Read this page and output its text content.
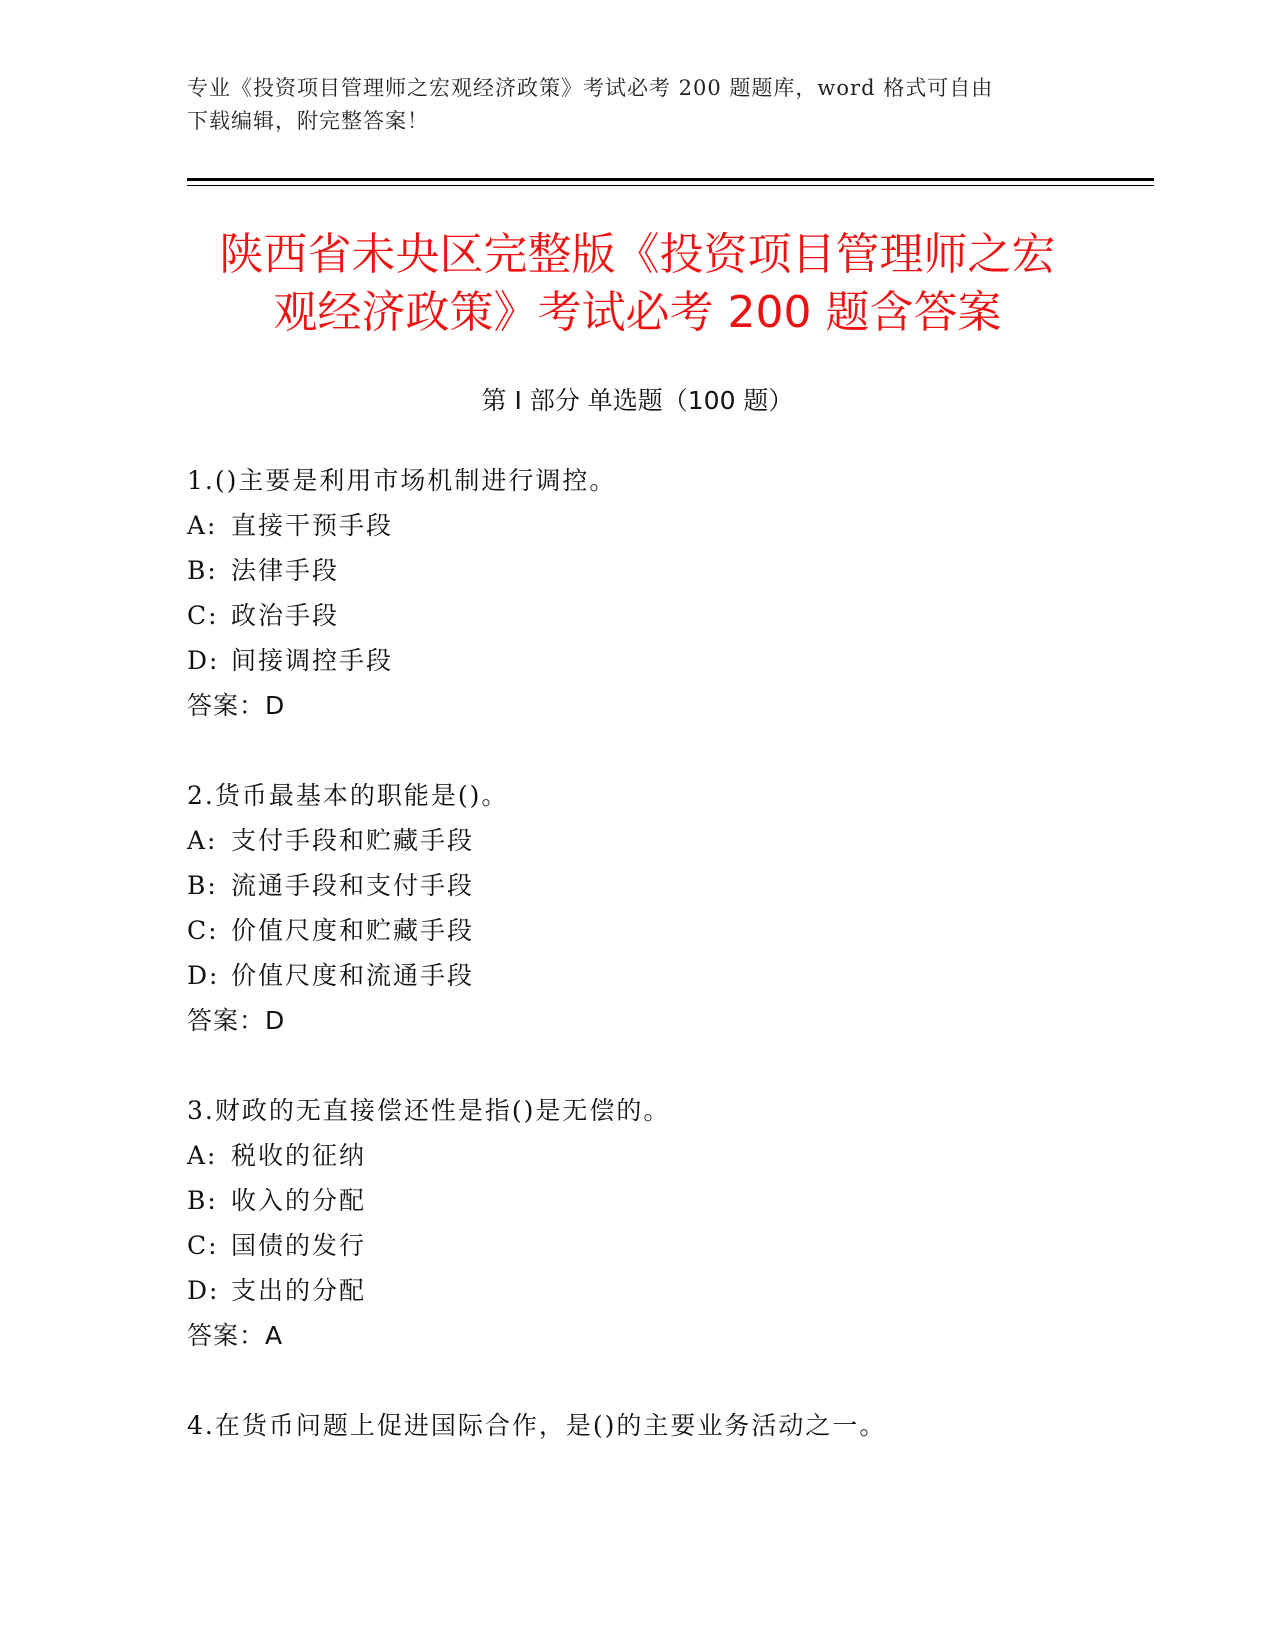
专业《投资项目管理师之宏观经济政策》考试必考 200 题题库，word 格式可自由
下载编辑，附完整答案！
陕西省未央区完整版《投资项目管理师之宏
观经济政策》考试必考 200 题含答案
第 I 部分 单选题（100 题）
1.()主要是利用市场机制进行调控。
A: 直接干预手段
B: 法律手段
C: 政治手段
D: 间接调控手段
答案：D
2.货币最基本的职能是()。
A: 支付手段和贮藏手段
B: 流通手段和支付手段
C: 价值尺度和贮藏手段
D: 价值尺度和流通手段
答案：D
3.财政的无直接偿还性是指()是无偿的。
A: 税收的征纳
B: 收入的分配
C: 国债的发行
D: 支出的分配
答案：A
4.在货币问题上促进国际合作，是()的主要业务活动之一。
